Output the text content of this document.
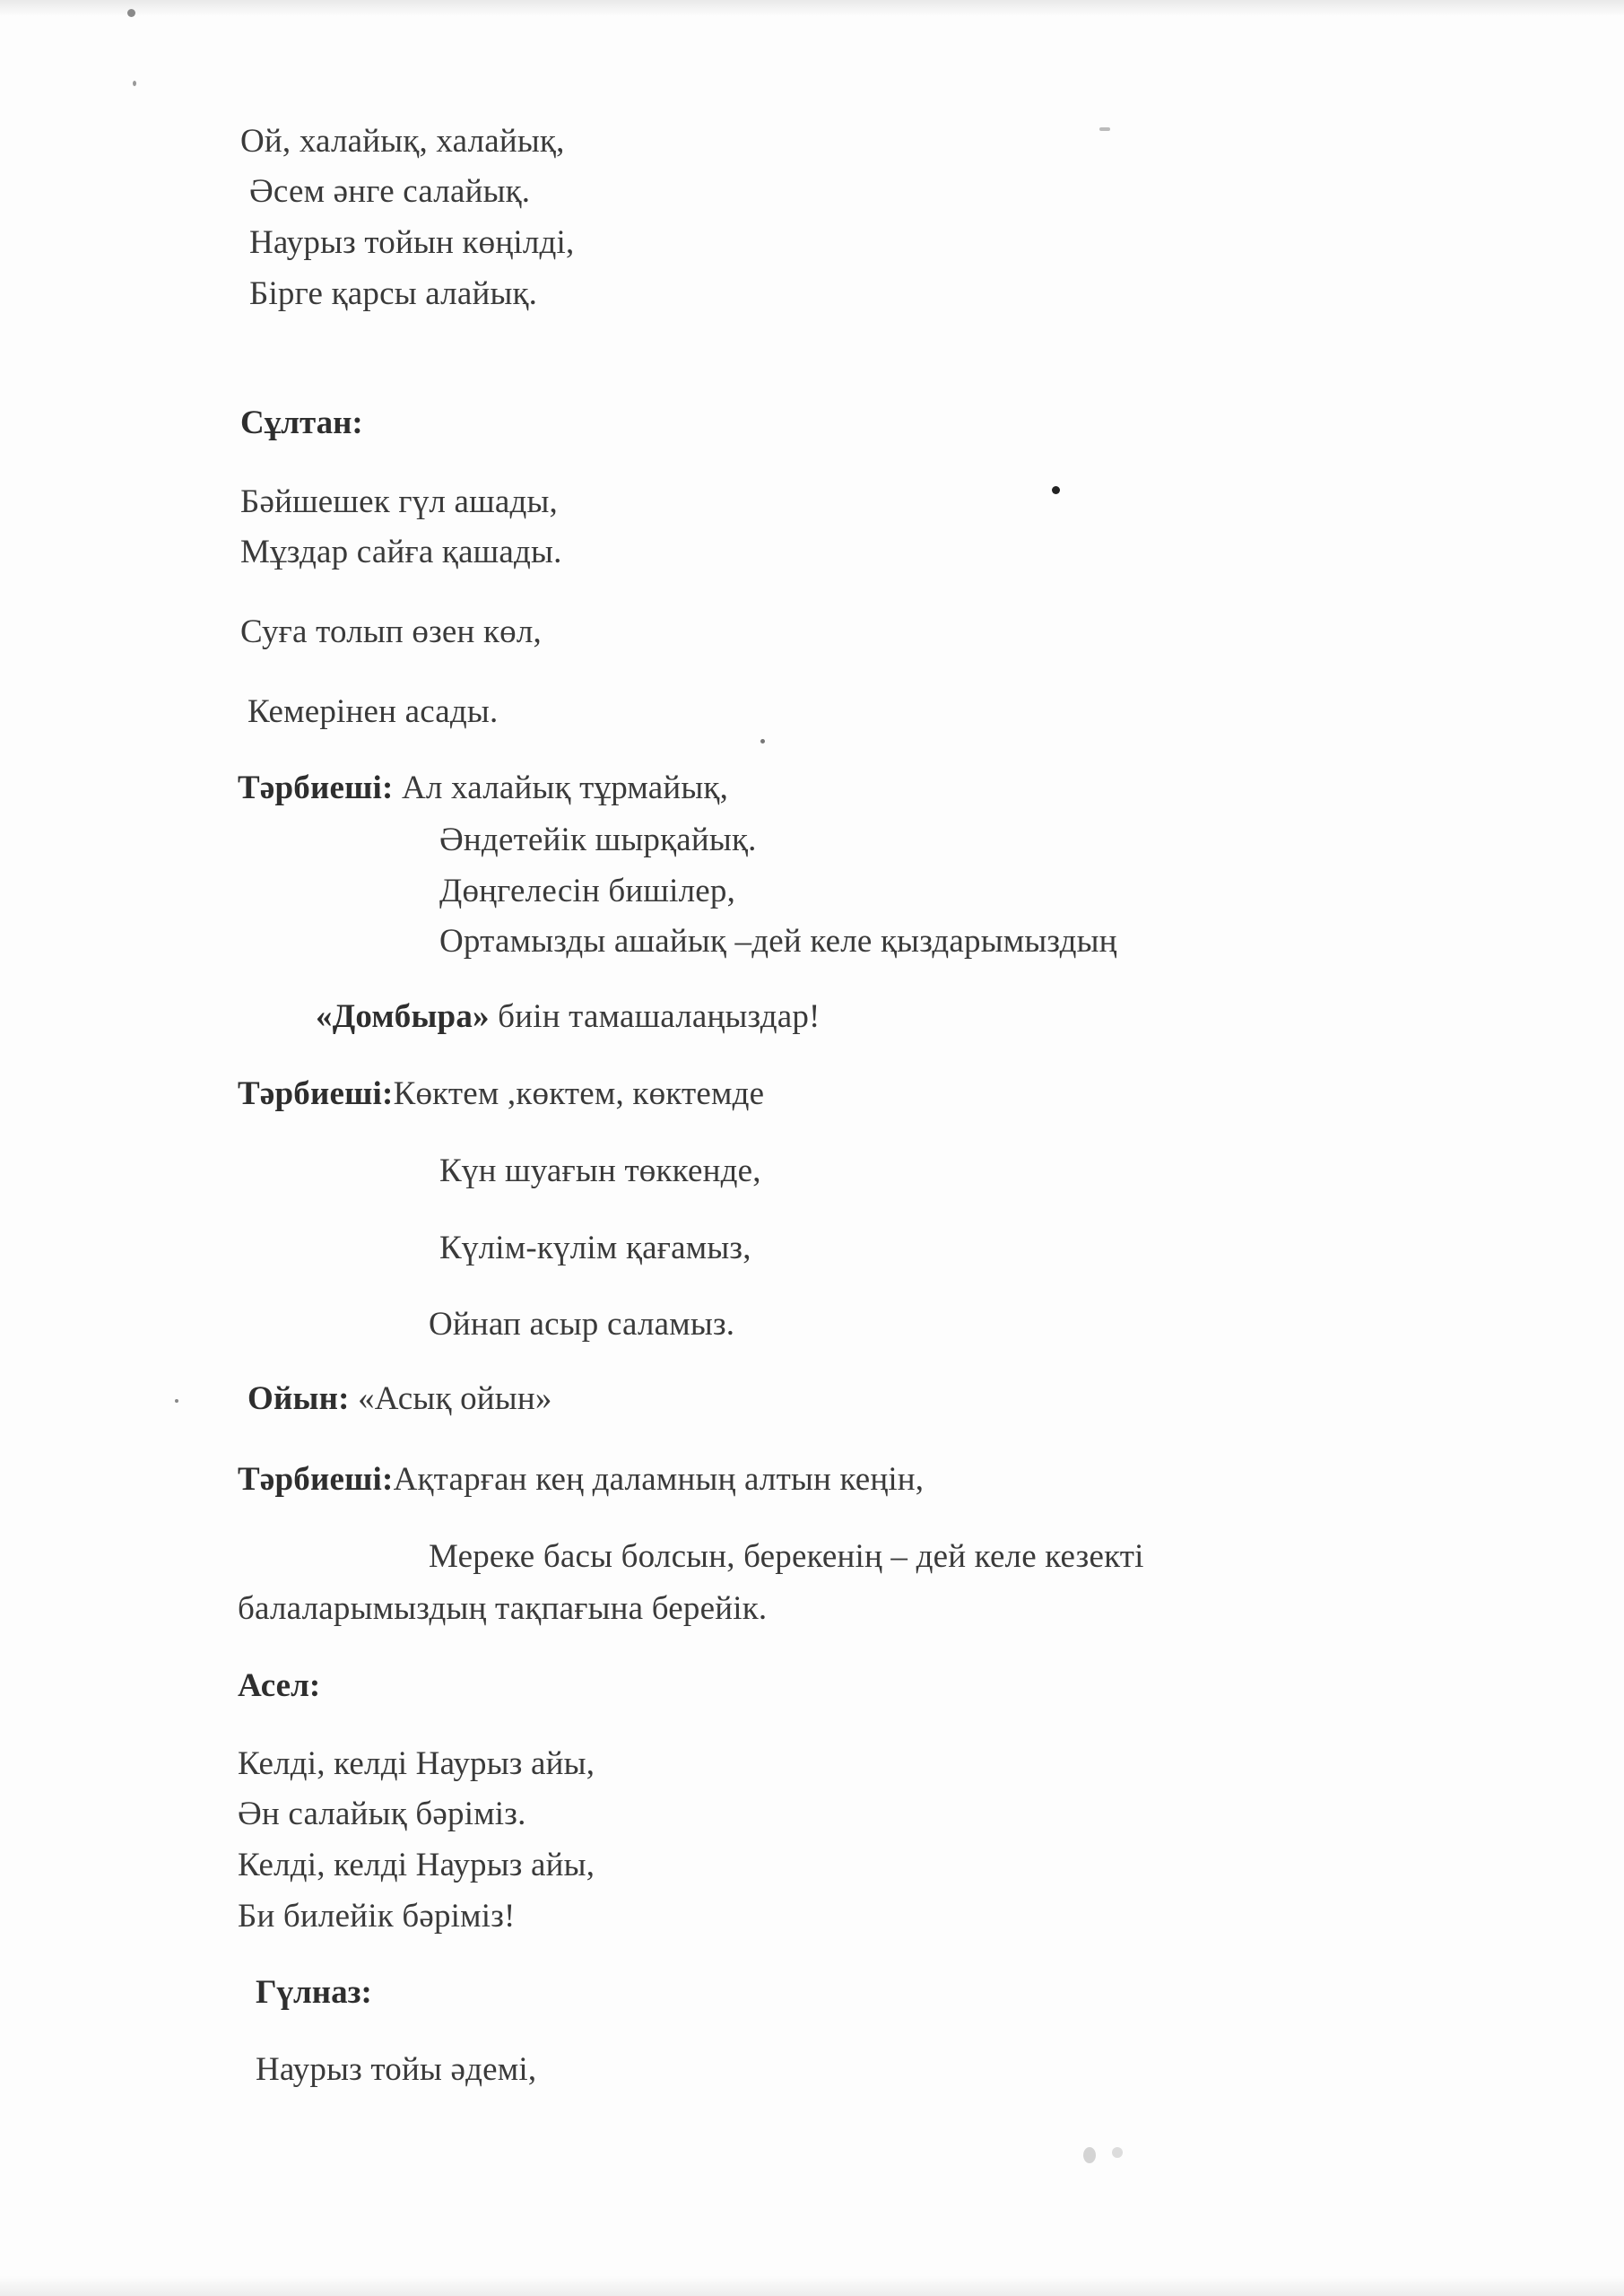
Ой, халайық, халайық,
Әсем әнге салайық.
Наурыз тойын көңілді,
Бірге қарсы алайық.
Сұлтан:
Бәйшешек гүл ашады,
Мұздар сайға қашады.
Суға толып өзен көл,
Кемерінен асады.
Тәрбиеші: Ал халайық тұрмайық,
Әндетейік шырқайық.
Дөңгелесін бишілер,
Ортамызды ашайық –дей келе қыздарымыздың
«Домбыра» биін тамашалаңыздар!
Тәрбиеші:Көктем ,көктем, көктемде
Күн шуағын төккенде,
Күлім-күлім қағамыз,
Ойнап асыр саламыз.
Ойын: «Асық ойын»
Тәрбиеші:Ақтарған кең даламның алтын кеңін,
Мереке басы болсын, берекенің – дей келе кезекті
балаларымыздың тақпағына берейік.
Асел:
Келді, келді Наурыз айы,
Ән салайық бәріміз.
Келді, келді Наурыз айы,
Би билейік бәріміз!
Гүлназ:
Наурыз тойы әдемі,
